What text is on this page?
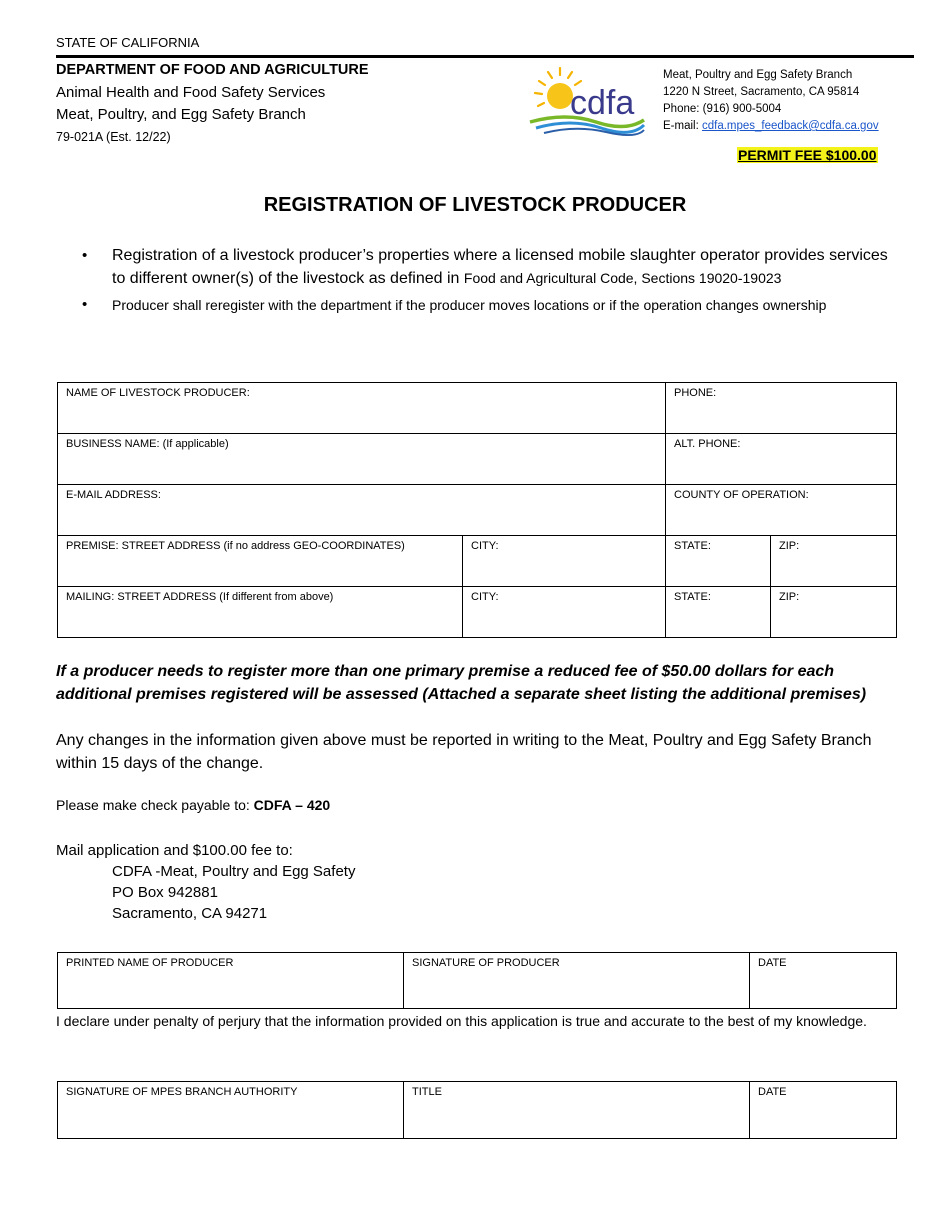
STATE OF CALIFORNIA
DEPARTMENT OF FOOD AND AGRICULTURE
Animal Health and Food Safety Services
Meat, Poultry, and Egg Safety Branch
79-021A (Est. 12/22)
cdfa
Meat, Poultry and Egg Safety Branch
1220 N Street, Sacramento, CA 95814
Phone: (916) 900-5004
E-mail: cdfa.mpes_feedback@cdfa.ca.gov
PERMIT FEE $100.00
REGISTRATION OF LIVESTOCK PRODUCER
• Registration of a livestock producer’s properties where a licensed mobile slaughter operator provides services to different owner(s) of the livestock as defined in Food and Agricultural Code, Sections 19020-19023
• Producer shall reregister with the department if the producer moves locations or if the operation changes ownership
NAME OF LIVESTOCK PRODUCER:		PHONE:	
BUSINESS NAME: (If applicable)		ALT. PHONE:	
E-MAIL ADDRESS:		COUNTY OF OPERATION:	
PREMISE: STREET ADDRESS (if no address GEO-COORDINATES)	CITY:	STATE:	ZIP:
MAILING: STREET ADDRESS (If different from above)	CITY:	STATE:	ZIP:
If a producer needs to register more than one primary premise a reduced fee of $50.00 dollars for each additional premises registered will be assessed (Attached a separate sheet listing the additional premises)
Any changes in the information given above must be reported in writing to the Meat, Poultry and Egg Safety Branch within 15 days of the change.
Please make check payable to: CDFA – 420
Mail application and $100.00 fee to:
CDFA -Meat, Poultry and Egg Safety
PO Box 942881
Sacramento, CA 94271
PRINTED NAME OF PRODUCER	SIGNATURE OF PRODUCER	DATE
I declare under penalty of perjury that the information provided on this application is true and accurate to the best of my knowledge.
SIGNATURE OF MPES BRANCH AUTHORITY	TITLE	DATE
